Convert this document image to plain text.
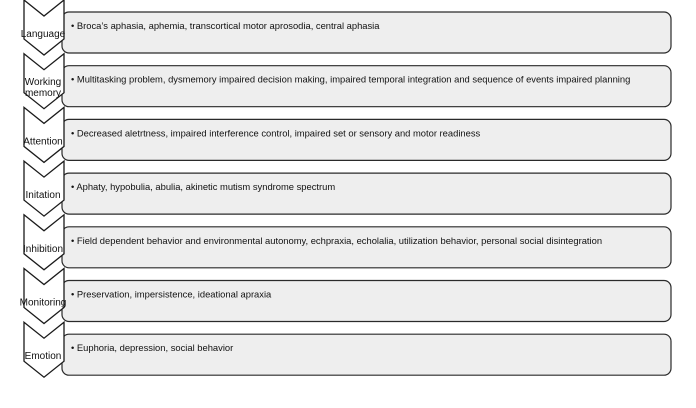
• Broca’s aphasia, aphemia, transcortical motor aprosodia, central aphasia
• Multitasking problem, dysmemory impaired decision making, impaired temporal integration and sequence of events impaired planning
• Decreased aletrtness, impaired interference control, impaired set or sensory and motor readiness
• Aphaty, hypobulia, abulia, akinetic mutism syndrome spectrum
• Field dependent behavior and environmental autonomy, echpraxia, echolalia, utilization behavior, personal social disintegration
• Preservation, impersistence, ideational apraxia
• Euphoria, depression, social behavior
Language
Working
memory
Attention
Initation
Inhibition
Monitoring
Emotion
